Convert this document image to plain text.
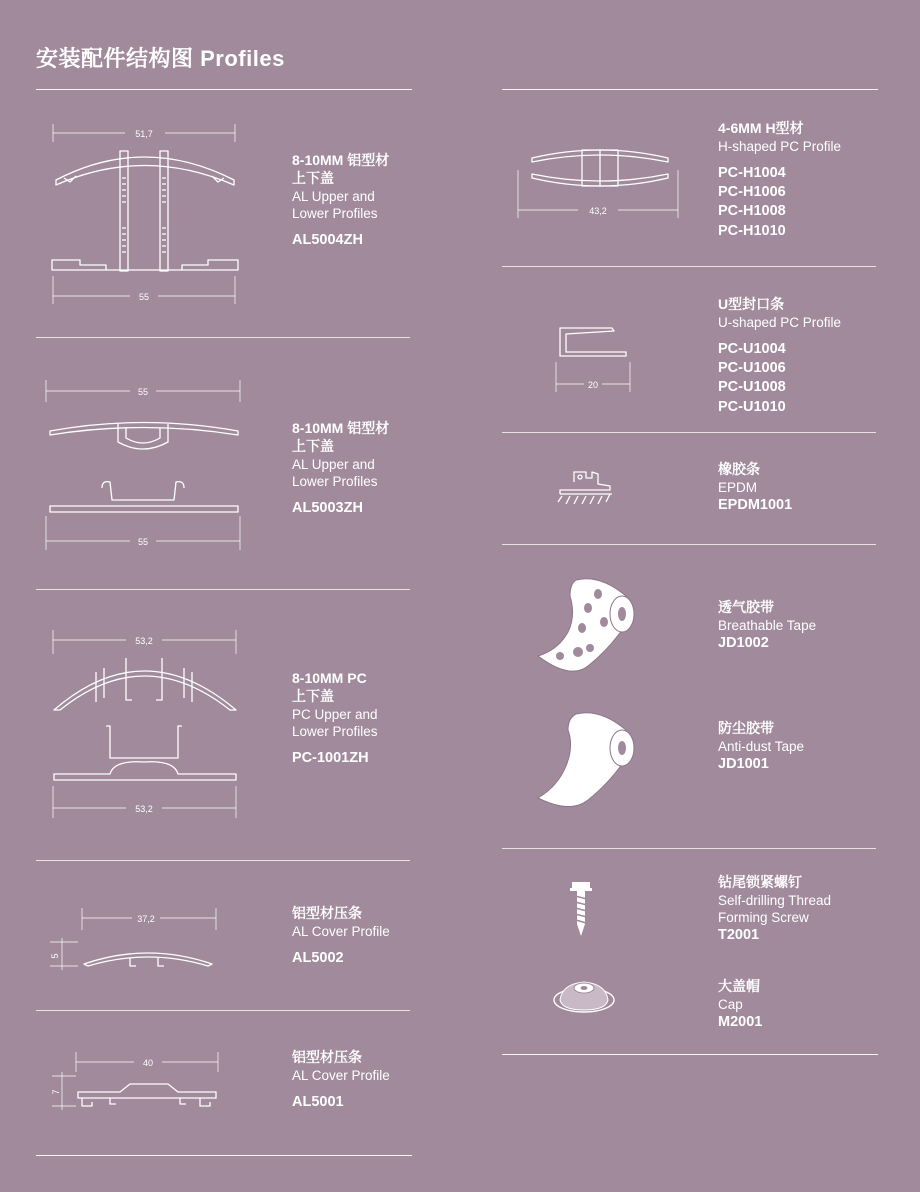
安装配件结构图 Profiles
51,7
55
8-10MM 铝型材
上下盖
AL Upper and
Lower Profiles
AL5004ZH
55
55
8-10MM 铝型材
上下盖
AL Upper and
Lower Profiles
AL5003ZH
53,2
53,2
8-10MM PC
上下盖
PC Upper and
Lower Profiles
PC-1001ZH
37,2
5
铝型材压条
AL Cover Profile
AL5002
40
7
铝型材压条
AL Cover Profile
AL5001
43,2
4-6MM H型材
H-shaped PC Profile
PC-H1004
PC-H1006
PC-H1008
PC-H1010
20
U型封口条
U-shaped PC Profile
PC-U1004
PC-U1006
PC-U1008
PC-U1010
橡胶条
EPDM
EPDM1001
透气胶带
Breathable Tape
JD1002
防尘胶带
Anti-dust Tape
JD1001
钻尾锁紧螺钉
Self-drilling Thread
Forming Screw
T2001
大盖帽
Cap
M2001
